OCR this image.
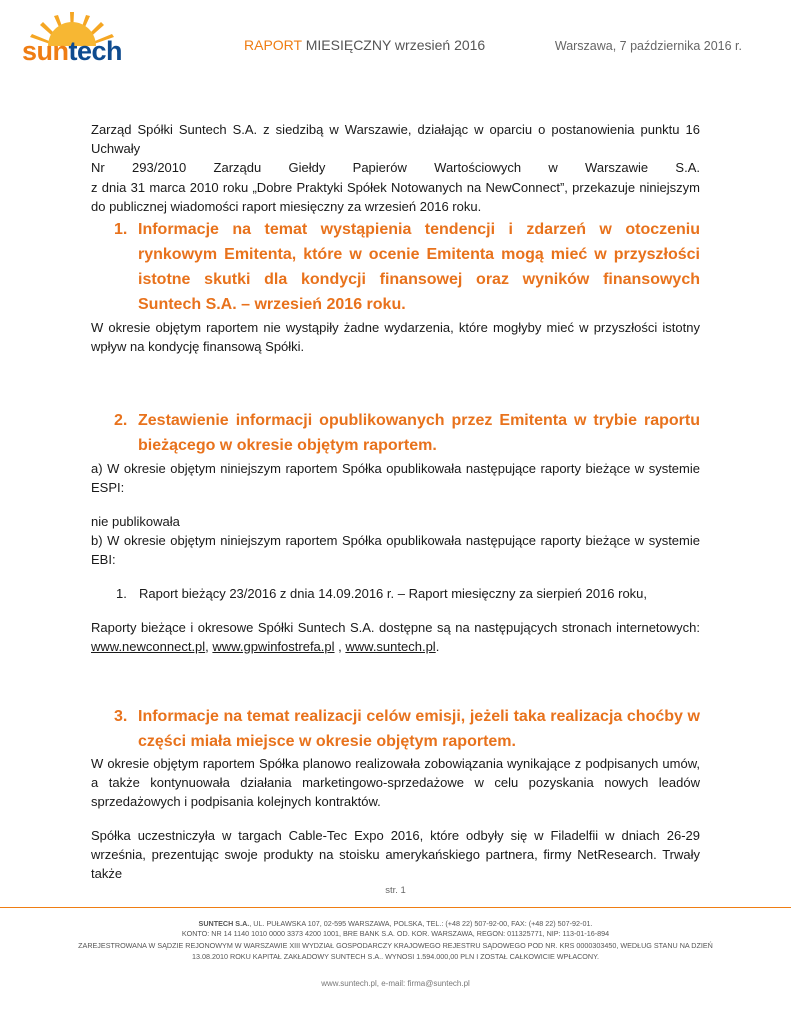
suntech	RAPORT MIESIĘCZNY wrzesień 2016	Warszawa, 7 października 2016 r.
Zarząd Spółki Suntech S.A. z siedzibą w Warszawie, działając w oparciu o postanowienia punktu 16 Uchwały
Nr 293/2010 Zarządu Giełdy Papierów Wartościowych w Warszawie S.A.
z dnia 31 marca 2010 roku „Dobre Praktyki Spółek Notowanych na NewConnect”, przekazuje niniejszym
do publicznej wiadomości raport miesięczny za wrzesień 2016 roku.
1. Informacje na temat wystąpienia tendencji i zdarzeń w otoczeniu rynkowym Emitenta, które w ocenie Emitenta mogą mieć w przyszłości istotne skutki dla kondycji finansowej oraz wyników finansowych Suntech S.A. – wrzesień 2016 roku.
W okresie objętym raportem nie wystąpiły żadne wydarzenia, które mogłyby mieć w przyszłości istotny wpływ na kondycję finansową Spółki.
2. Zestawienie informacji opublikowanych przez Emitenta w trybie raportu bieżącego w okresie objętym raportem.
a) W okresie objętym niniejszym raportem Spółka opublikowała następujące raporty bieżące w systemie ESPI:
nie publikowała
b) W okresie objętym niniejszym raportem Spółka opublikowała następujące raporty bieżące w systemie EBI:
1. Raport bieżący 23/2016 z dnia 14.09.2016 r. – Raport miesięczny za sierpień 2016 roku,
Raporty bieżące i okresowe Spółki Suntech S.A. dostępne są na następujących stronach internetowych:
www.newconnect.pl, www.gpwinfostrefa.pl , www.suntech.pl.
3. Informacje na temat realizacji celów emisji, jeżeli taka realizacja choćby w części miała miejsce w okresie objętym raportem.
W okresie objętym raportem Spółka planowo realizowała zobowiązania wynikające z podpisanych umów, a także kontynuowała działania marketingowo-sprzedażowe w celu pozyskania nowych leadów sprzedażowych i podpisania kolejnych kontraktów.
Spółka uczestniczyła w targach Cable-Tec Expo 2016, które odbyły się w Filadelfii w dniach 26-29 września, prezentując swoje produkty na stoisku amerykańskiego partnera, firmy NetResearch. Trwały także
str. 1
SUNTECH S.A., UL. PUŁAWSKA 107, 02-595 WARSZAWA, POLSKA, TEL.: (+48 22) 507-92-00, FAX: (+48 22) 507-92-01.
KONTO: NR 14 1140 1010 0000 3373 4200 1001, BRE BANK S.A. OD. KOR. WARSZAWA, REGON: 011325771, NIP: 113-01-16-894
ZAREJESTROWANA W SĄDZIE REJONOWYM W WARSZAWIE XIII WYDZIAŁ GOSPODARCZY KRAJOWEGO REJESTRU SĄDOWEGO POD NR. KRS 0000303450, WEDŁUG STANU NA DZIEŃ
13.08.2010 ROKU KAPITAŁ ZAKŁADOWY SUNTECH S.A.. WYNOSI 1.594.000,00 PLN I ZOSTAŁ CAŁKOWICIE WPŁACONY.
www.suntech.pl, e-mail: firma@suntech.pl
